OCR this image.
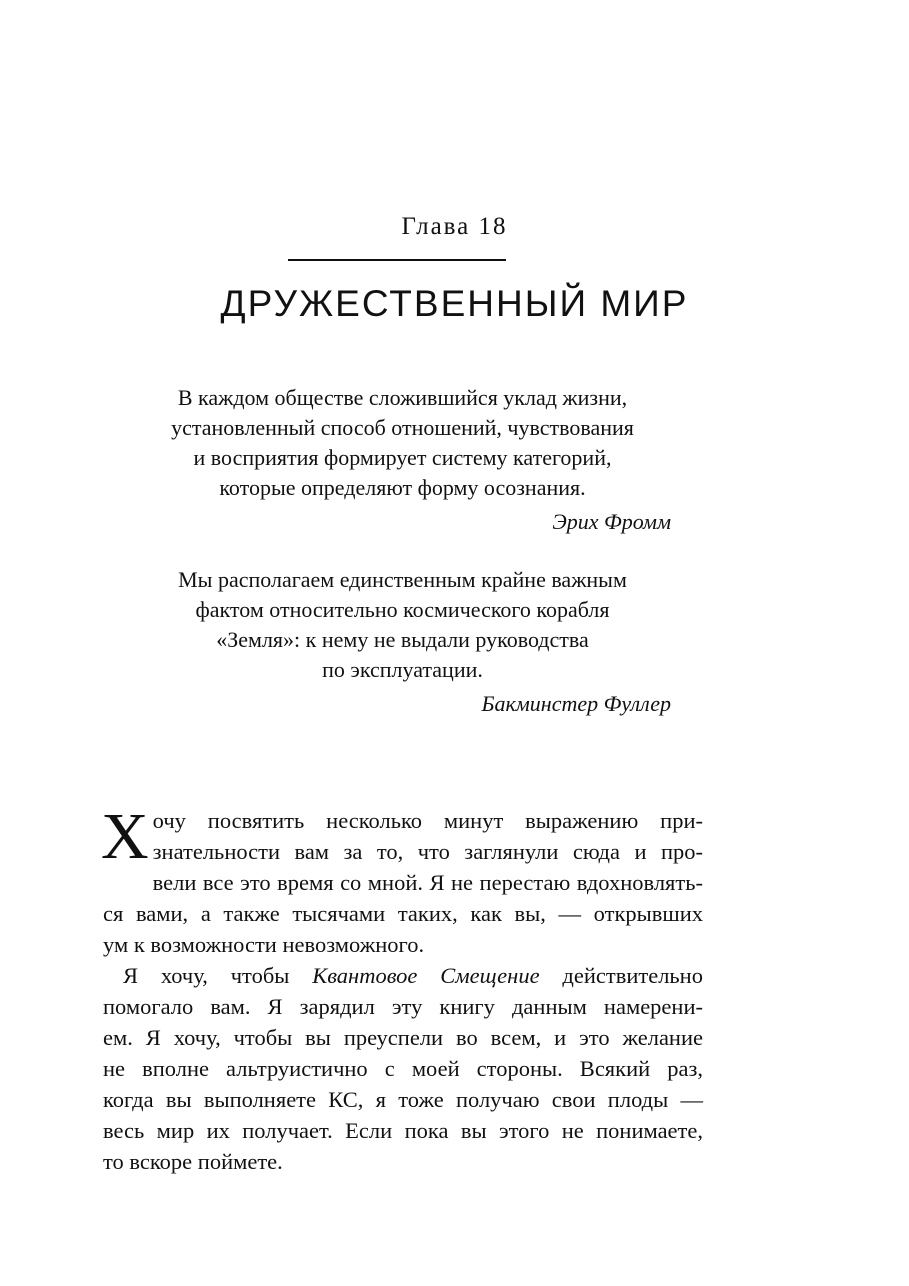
Глава 18
ДРУЖЕСТВЕННЫЙ МИР
В каждом обществе сложившийся уклад жизни,
установленный способ отношений, чувствования
и восприятия формирует систему категорий,
которые определяют форму осознания.
Эрих Фромм
Мы располагаем единственным крайне важным
фактом относительно космического корабля
«Земля»: к нему не выдали руководства
по эксплуатации.
Бакминстер Фуллер
Х очу посвятить несколько минут выражению при-
знательности вам за то, что заглянули сюда и про-
вели все это время со мной. Я не перестаю вдохновлять-
ся вами, а также тысячами таких, как вы, — открывших
ум к возможности невозможного.
Я хочу, чтобы Квантовое Смещение действительно
помогало вам. Я зарядил эту книгу данным намерени-
ем. Я хочу, чтобы вы преуспели во всем, и это желание
не вполне альтруистично с моей стороны. Всякий раз,
когда вы выполняете КС, я тоже получаю свои плоды —
весь мир их получает. Если пока вы этого не понимаете,
то вскоре поймете.
